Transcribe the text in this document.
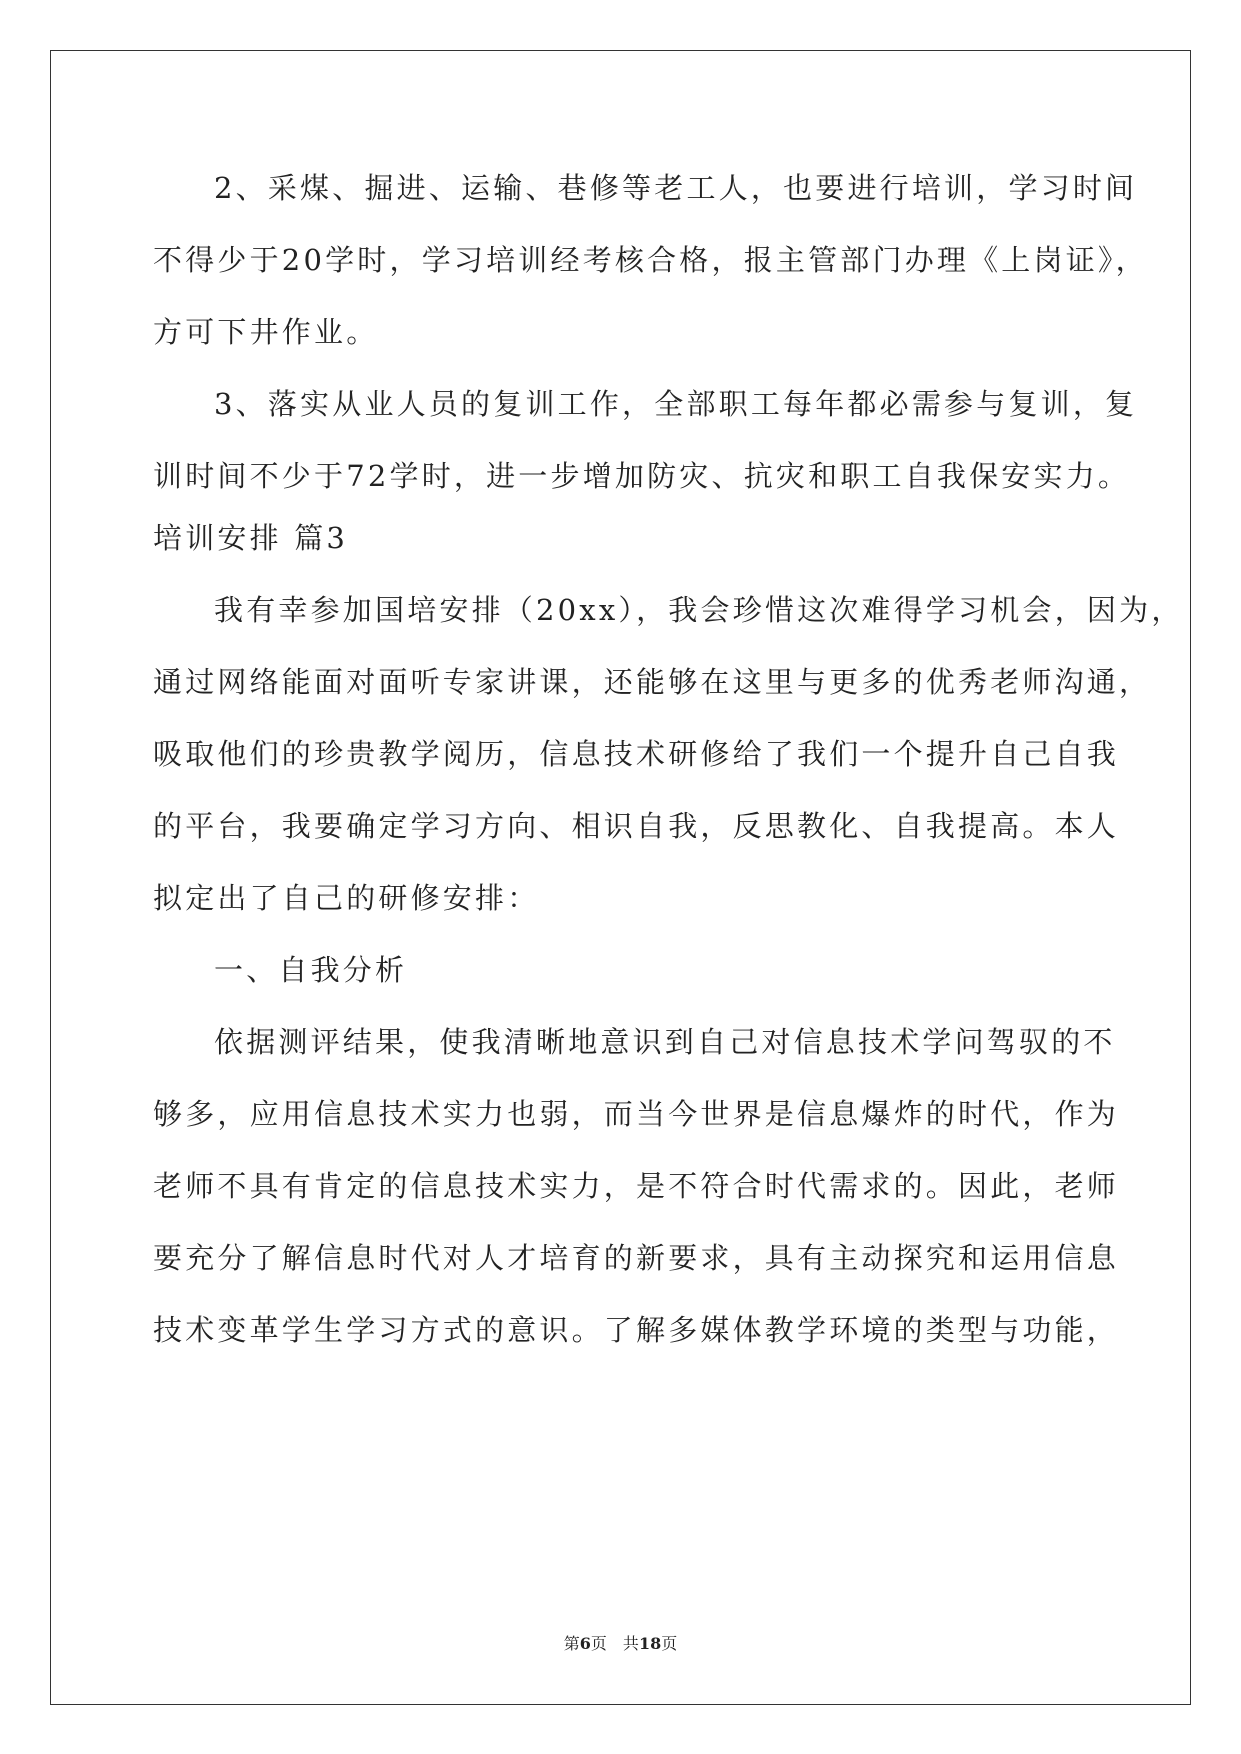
2、采煤、掘进、运输、巷修等老工人，也要进行培训，学习时间
不得少于20学时，学习培训经考核合格，报主管部门办理《上岗证》，
方可下井作业。
3、落实从业人员的复训工作，全部职工每年都必需参与复训，复
训时间不少于72学时，进一步增加防灾、抗灾和职工自我保安实力。
培训安排 篇3
我有幸参加国培安排（20xx），我会珍惜这次难得学习机会，因为，
通过网络能面对面听专家讲课，还能够在这里与更多的优秀老师沟通，
吸取他们的珍贵教学阅历，信息技术研修给了我们一个提升自己自我
的平台，我要确定学习方向、相识自我，反思教化、自我提高。本人
拟定出了自己的研修安排：
一、自我分析
依据测评结果，使我清晰地意识到自己对信息技术学问驾驭的不
够多，应用信息技术实力也弱，而当今世界是信息爆炸的时代，作为
老师不具有肯定的信息技术实力，是不符合时代需求的。因此，老师
要充分了解信息时代对人才培育的新要求，具有主动探究和运用信息
技术变革学生学习方式的意识。了解多媒体教学环境的类型与功能，
第6页　共18页
